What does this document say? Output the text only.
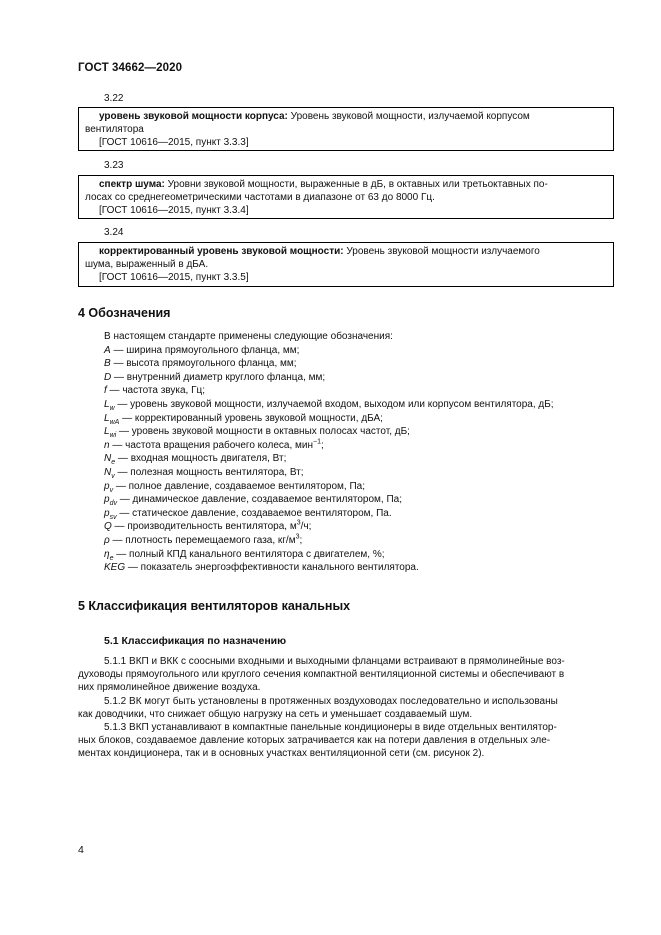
ГОСТ 34662—2020
3.22
уровень звуковой мощности корпуса: Уровень звуковой мощности, излучаемой корпусом
вентилятора
[ГОСТ 10616—2015, пункт 3.3.3]
3.23
спектр шума: Уровни звуковой мощности, выраженные в дБ, в октавных или третьоктавных по-
лосах со среднегеометрическими частотами в диапазоне от 63 до 8000 Гц.
[ГОСТ 10616—2015, пункт 3.3.4]
3.24
корректированный уровень звуковой мощности: Уровень звуковой мощности излучаемого
шума, выраженный в дБА.
[ГОСТ 10616—2015, пункт 3.3.5]
4 Обозначения
В настоящем стандарте применены следующие обозначения:
A — ширина прямоугольного фланца, мм;
B — высота прямоугольного фланца, мм;
D — внутренний диаметр круглого фланца, мм;
f — частота звука, Гц;
$L_w$ — уровень звуковой мощности, излучаемой входом, выходом или корпусом вентилятора, дБ;
$L_{wA}$ — корректированный уровень звуковой мощности, дБА;
$L_{wi}$ — уровень звуковой мощности в октавных полосах частот, дБ;
n — частота вращения рабочего колеса, мин$^{-1}$;
$N_e$ — входная мощность двигателя, Вт;
$N_v$ — полезная мощность вентилятора, Вт;
$p_v$ — полное давление, создаваемое вентилятором, Па;
$p_{dv}$ — динамическое давление, создаваемое вентилятором, Па;
$p_{sv}$ — статическое давление, создаваемое вентилятором, Па.
Q — производительность вентилятора, $м^3/ч$;
ρ — плотность перемещаемого газа, $кг/м^3$;
$\eta_e$ — полный КПД канального вентилятора с двигателем, %;
KEG — показатель энергоэффективности канального вентилятора.
5 Классификация вентиляторов канальных
5.1 Классификация по назначению
5.1.1 ВКП и ВКК с соосными входными и выходными фланцами встраивают в прямолинейные воз-
духоводы прямоугольного или круглого сечения компактной вентиляционной системы и обеспечивают в
них прямолинейное движение воздуха.
5.1.2 ВК могут быть установлены в протяженных воздуховодах последовательно и использованы
как доводчики, что снижает общую нагрузку на сеть и уменьшает создаваемый шум.
5.1.3 ВКП устанавливают в компактные панельные кондиционеры в виде отдельных вентилятор-
ных блоков, создаваемое давление которых затрачивается как на потери давления в отдельных эле-
ментах кондиционера, так и в основных участках вентиляционной сети (см. рисунок 2).
4
